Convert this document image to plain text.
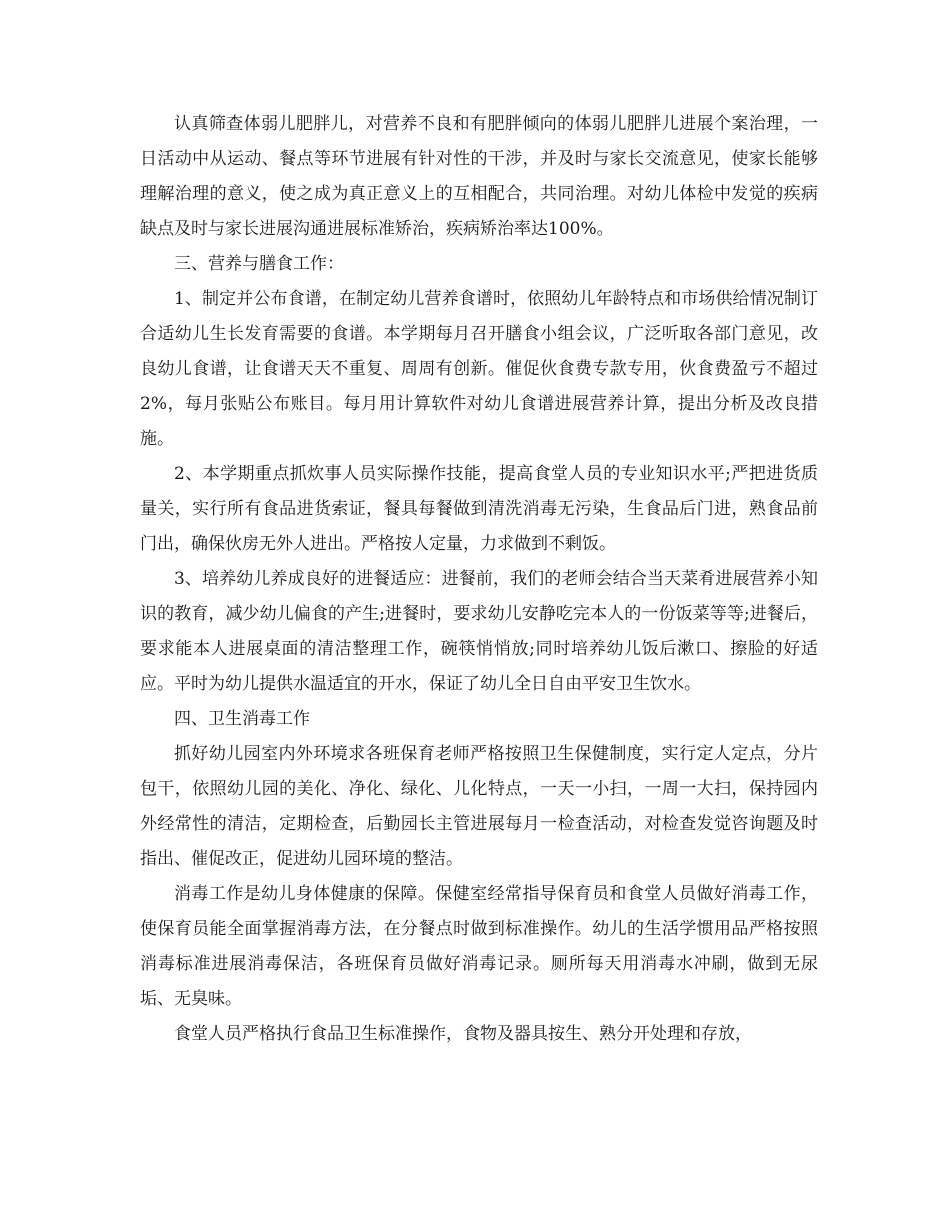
认真筛查体弱儿肥胖儿，对营养不良和有肥胖倾向的体弱儿肥胖儿进展个案治理，一日活动中从运动、餐点等环节进展有针对性的干涉，并及时与家长交流意见，使家长能够理解治理的意义，使之成为真正意义上的互相配合，共同治理。对幼儿体检中发觉的疾病缺点及时与家长进展沟通进展标准矫治，疾病矫治率达100%。

三、营养与膳食工作：

1、制定并公布食谱，在制定幼儿营养食谱时，依照幼儿年龄特点和市场供给情况制订合适幼儿生长发育需要的食谱。本学期每月召开膳食小组会议，广泛听取各部门意见，改良幼儿食谱，让食谱天天不重复、周周有创新。催促伙食费专款专用，伙食费盈亏不超过2%，每月张贴公布账目。每月用计算软件对幼儿食谱进展营养计算，提出分析及改良措施。

2、本学期重点抓炊事人员实际操作技能，提高食堂人员的专业知识水平;严把进货质量关，实行所有食品进货索证，餐具每餐做到清洗消毒无污染，生食品后门进，熟食品前门出，确保伙房无外人进出。严格按人定量，力求做到不剩饭。

3、培养幼儿养成良好的进餐适应：进餐前，我们的老师会结合当天菜肴进展营养小知识的教育，减少幼儿偏食的产生;进餐时，要求幼儿安静吃完本人的一份饭菜等等;进餐后，要求能本人进展桌面的清洁整理工作，碗筷悄悄放;同时培养幼儿饭后漱口、擦脸的好适应。平时为幼儿提供水温适宜的开水，保证了幼儿全日自由平安卫生饮水。

四、卫生消毒工作

抓好幼儿园室内外环境求各班保育老师严格按照卫生保健制度，实行定人定点，分片包干，依照幼儿园的美化、净化、绿化、儿化特点，一天一小扫，一周一大扫，保持园内外经常性的清洁，定期检查，后勤园长主管进展每月一检查活动，对检查发觉咨询题及时指出、催促改正，促进幼儿园环境的整洁。

消毒工作是幼儿身体健康的保障。保健室经常指导保育员和食堂人员做好消毒工作，使保育员能全面掌握消毒方法，在分餐点时做到标准操作。幼儿的生活学惯用品严格按照消毒标准进展消毒保洁，各班保育员做好消毒记录。厕所每天用消毒水冲刷，做到无尿垢、无臭味。

食堂人员严格执行食品卫生标准操作，食物及器具按生、熟分开处理和存放，
